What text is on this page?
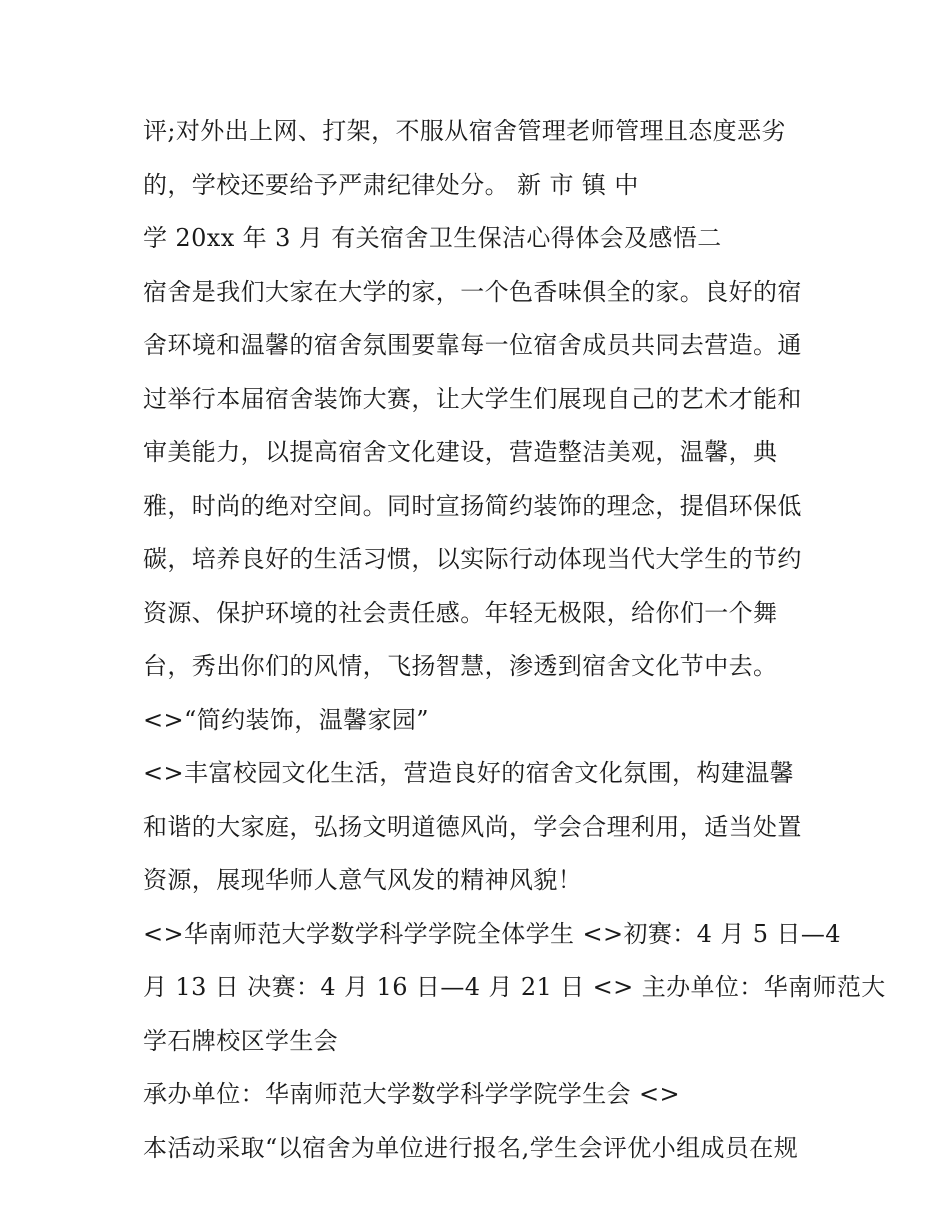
评;对外出上网、打架，不服从宿舍管理老师管理且态度恶劣
的，学校还要给予严肃纪律处分。 新 市 镇 中
学 20xx 年 3 月 有关宿舍卫生保洁心得体会及感悟二
宿舍是我们大家在大学的家，一个色香味俱全的家。良好的宿
舍环境和温馨的宿舍氛围要靠每一位宿舍成员共同去营造。通
过举行本届宿舍装饰大赛，让大学生们展现自己的艺术才能和
审美能力，以提高宿舍文化建设，营造整洁美观，温馨，典
雅，时尚的绝对空间。同时宣扬简约装饰的理念，提倡环保低
碳，培养良好的生活习惯，以实际行动体现当代大学生的节约
资源、保护环境的社会责任感。年轻无极限，给你们一个舞
台，秀出你们的风情，飞扬智慧，渗透到宿舍文化节中去。
<>“简约装饰，温馨家园”
<>丰富校园文化生活，营造良好的宿舍文化氛围，构建温馨
和谐的大家庭，弘扬文明道德风尚，学会合理利用，适当处置
资源，展现华师人意气风发的精神风貌！
<>华南师范大学数学科学学院全体学生 <>初赛：4 月 5 日—4
月 13 日 决赛：4 月 16 日—4 月 21 日 <> 主办单位：华南师范大
学石牌校区学生会
承办单位：华南师范大学数学科学学院学生会 <>
本活动采取“以宿舍为单位进行报名,学生会评优小组成员在规
